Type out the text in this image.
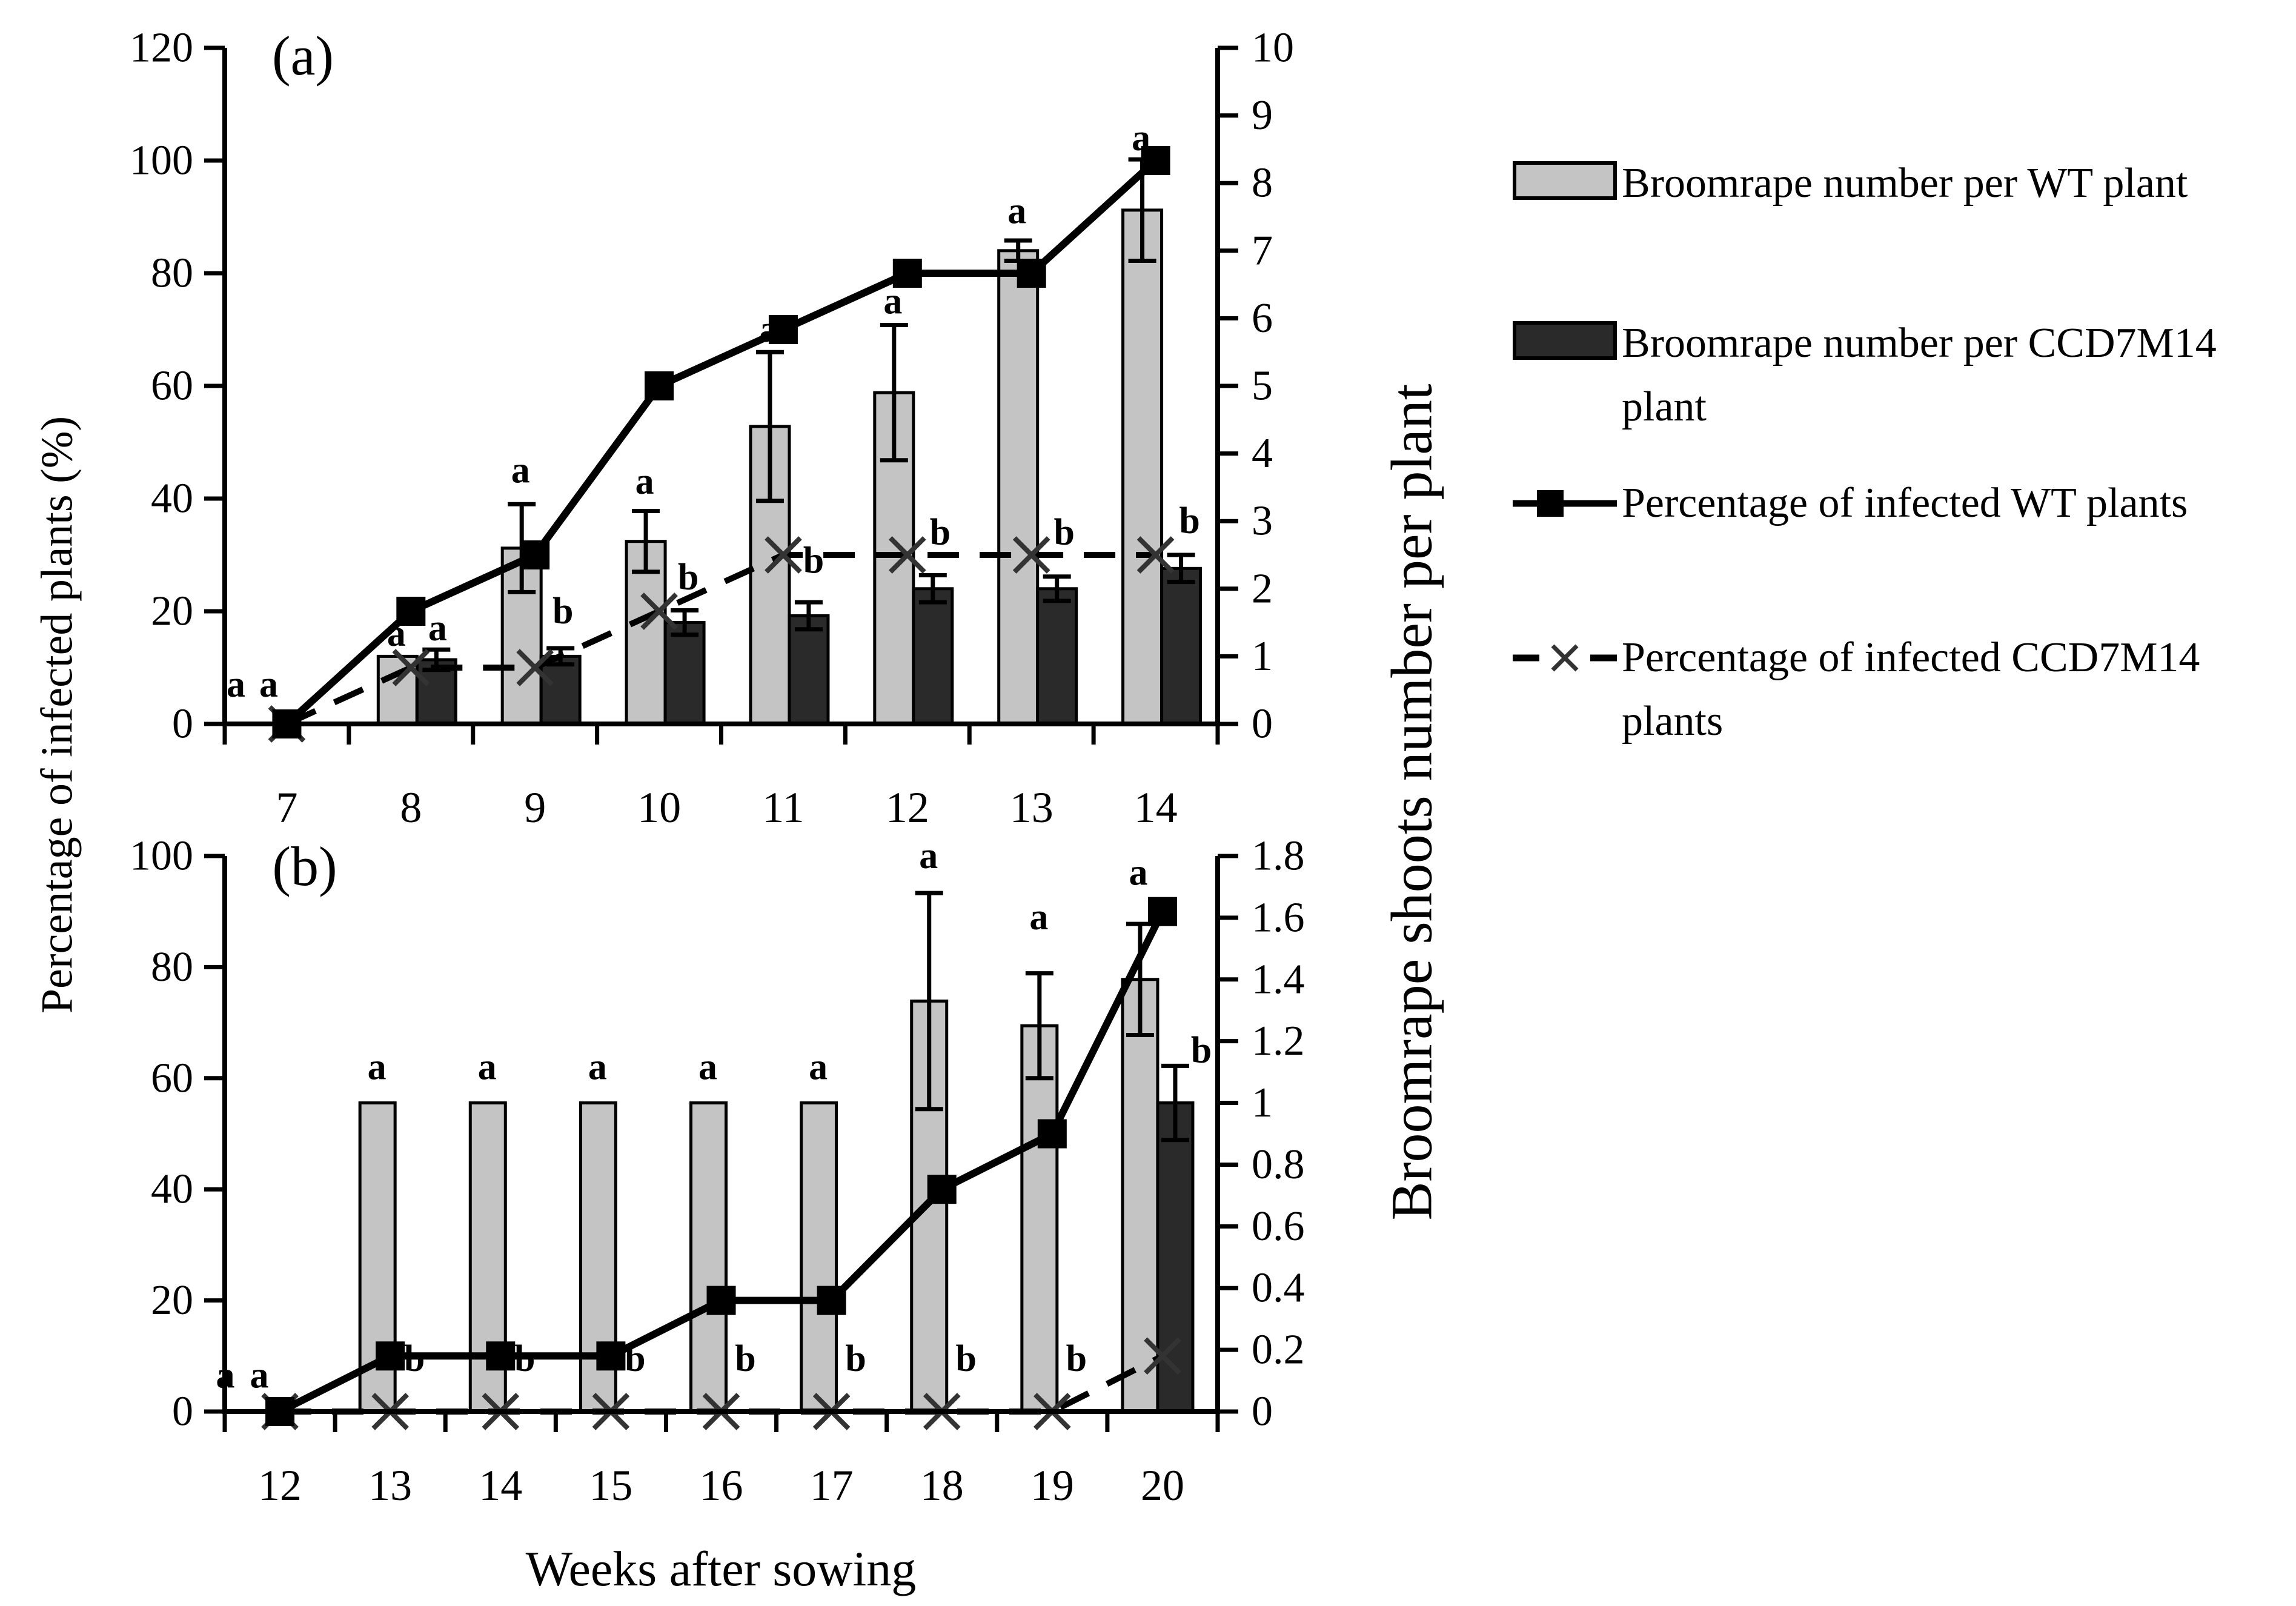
0
20
40
60
80
100
120
0
1
2
3
4
5
6
7
8
9
10
7 8 9 10 11 12 13 14
a a
a a
a
b
a
b
a
b
a
b
a
b
a
b
0
20
40
60
80
100
0
0.2
0.4
0.6
0.8
1
1.2
1.4
1.6
1.8
12 13 14 15 16 17 18 19 20
a a
a
b
a
b
a
b
a
b
a
b
a
b
a
b
a
b
Percentage of infected plants (%)	Broomrape shoots number per plant
Weeks after sowing
(a)
(b)
Broomrape number per WT plant
Broomrape number per CCD7M14 plant
Percentage of infected WT plants
Percentage of infected CCD7M14 plants
